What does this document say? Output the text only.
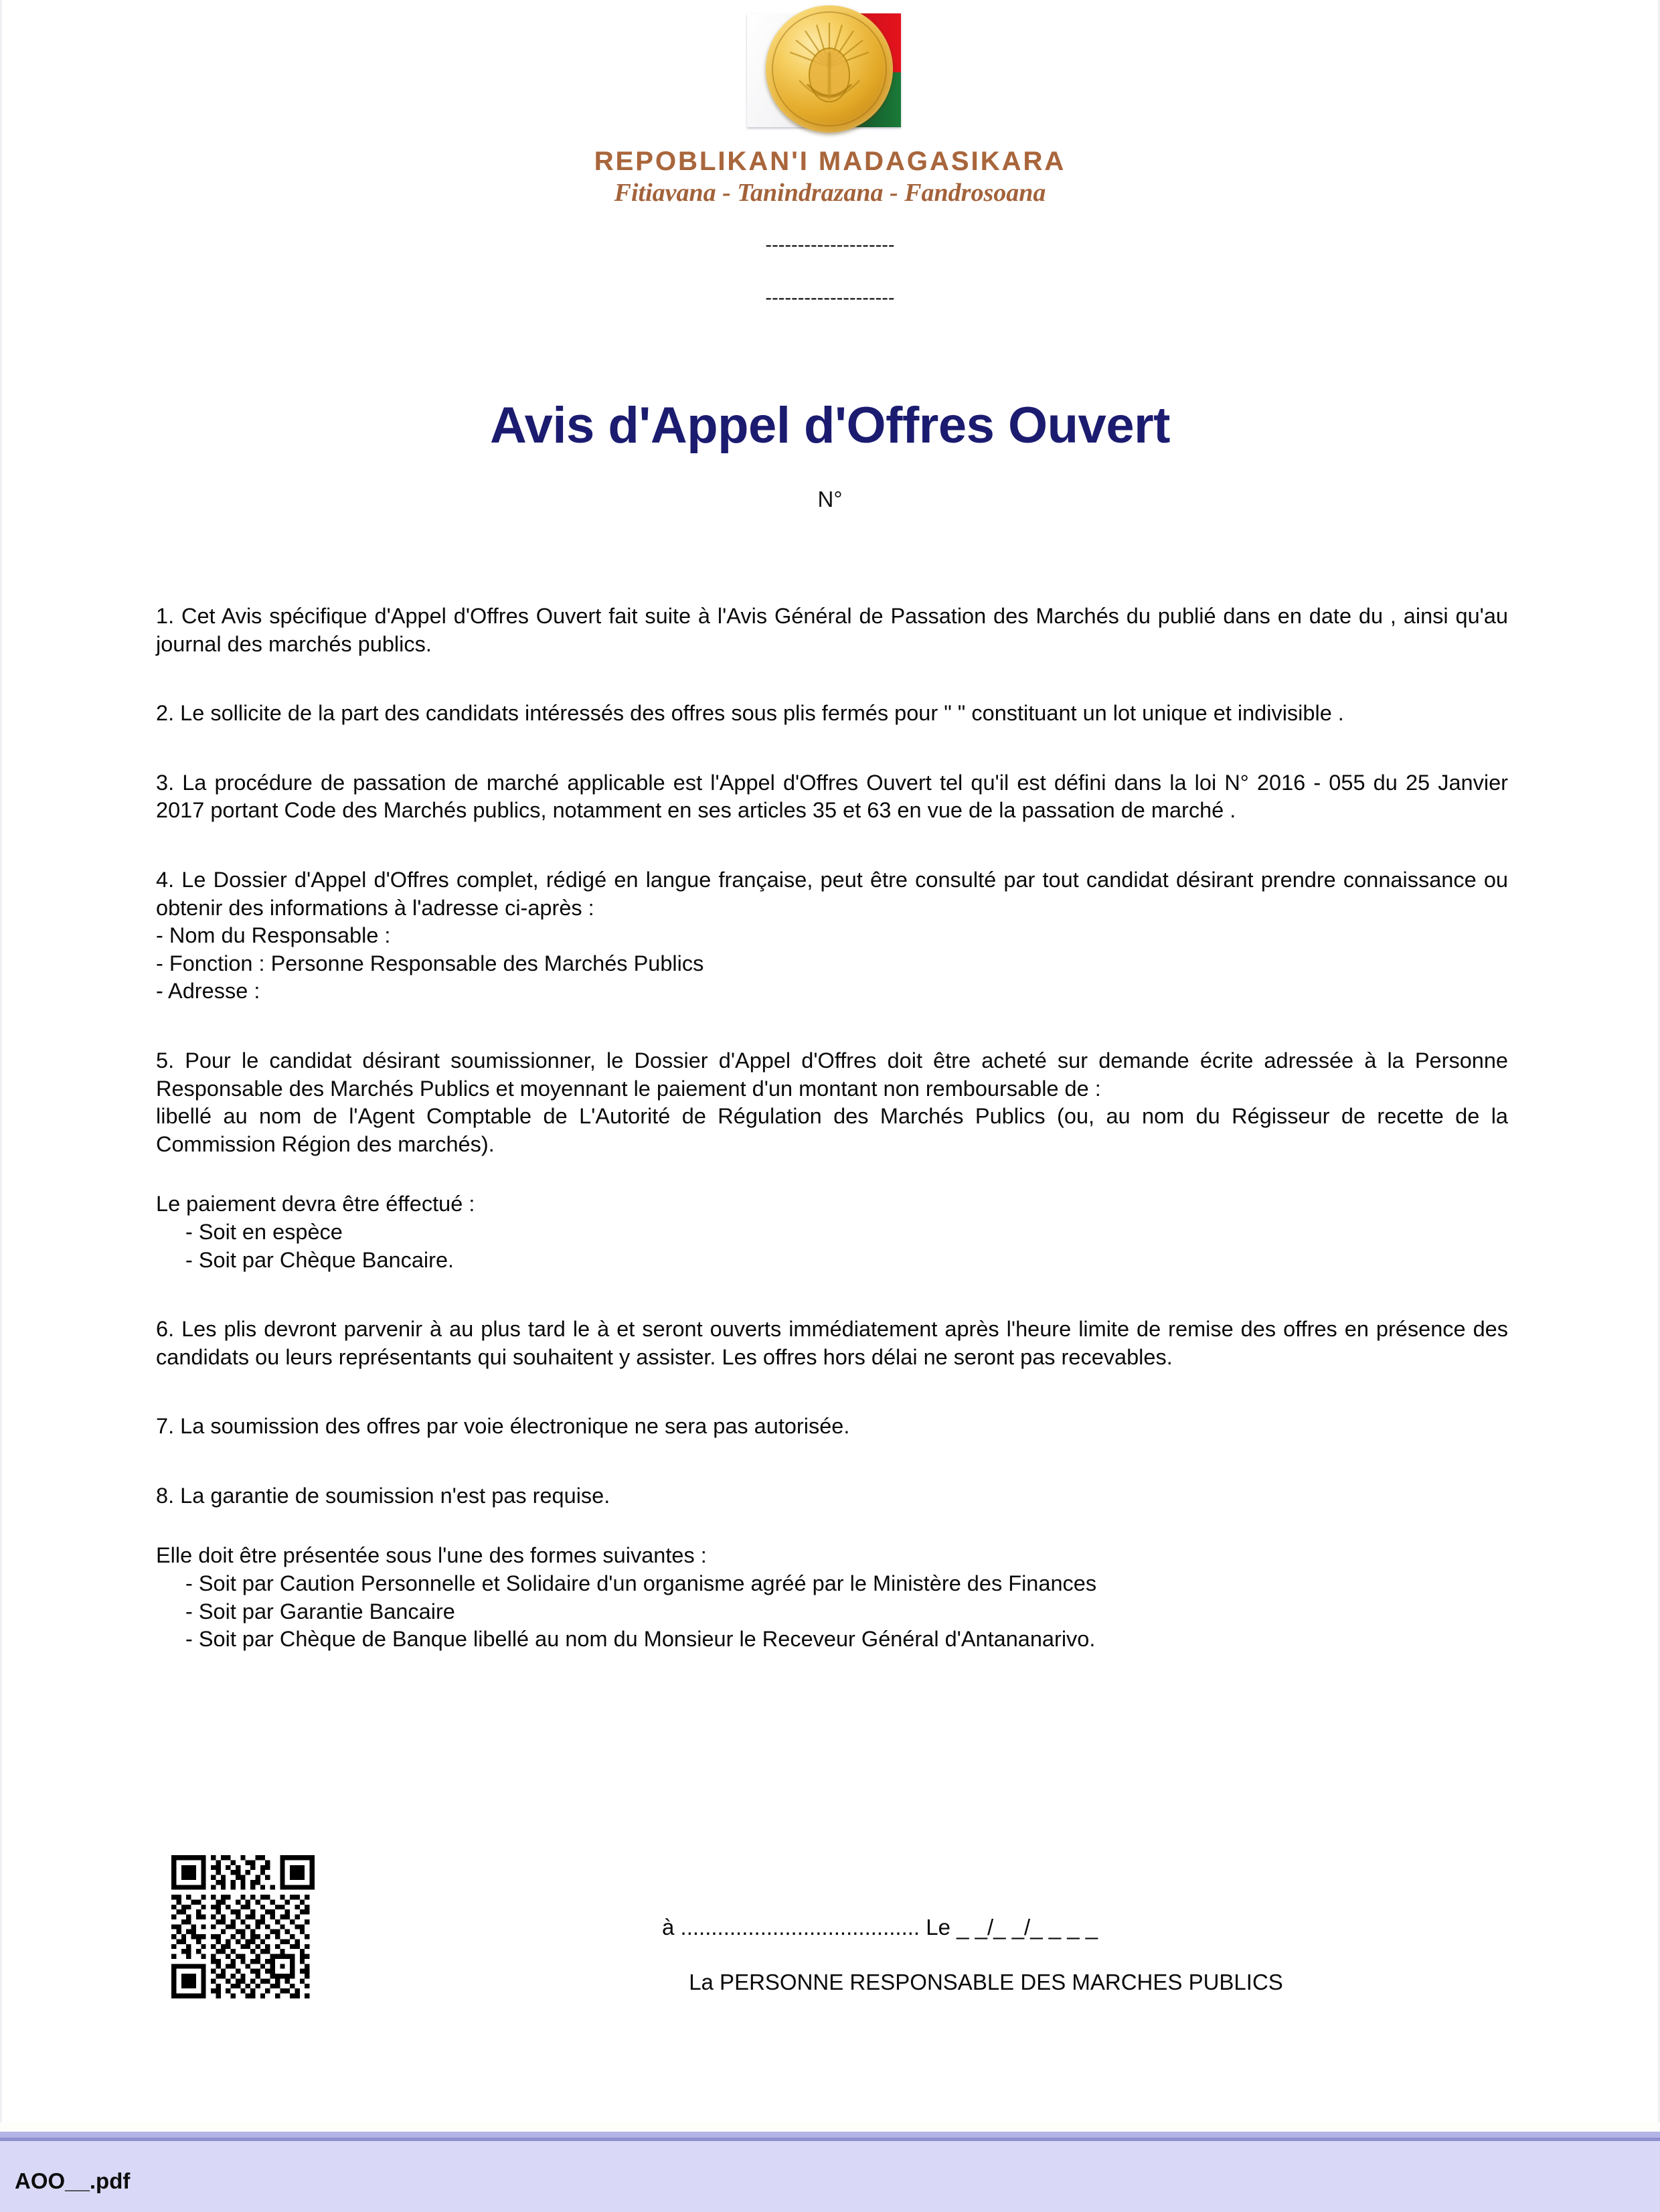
REPOBLIKAN'I MADAGASIKARA
Fitiavana - Tanindrazana - Fandrosoana
--------------------
--------------------
Avis d'Appel d'Offres Ouvert
N°
1. Cet Avis spécifique d'Appel d'Offres Ouvert fait suite à l'Avis Général de Passation des Marchés du publié dans en date du , ainsi qu'au journal des marchés publics.
2. Le sollicite de la part des candidats intéressés des offres sous plis fermés pour " " constituant un lot unique et indivisible .
3. La procédure de passation de marché applicable est l'Appel d'Offres Ouvert tel qu'il est défini dans la loi N° 2016 - 055 du 25 Janvier 2017 portant Code des Marchés publics, notamment en ses articles 35 et 63 en vue de la passation de marché .
4. Le Dossier d'Appel d'Offres complet, rédigé en langue française, peut être consulté par tout candidat désirant prendre connaissance ou obtenir des informations à l'adresse ci-après :
- Nom du Responsable :
- Fonction : Personne Responsable des Marchés Publics
- Adresse :
5. Pour le candidat désirant soumissionner, le Dossier d'Appel d'Offres doit être acheté sur demande écrite adressée à la Personne Responsable des Marchés Publics et moyennant le paiement d'un montant non remboursable de :
libellé au nom de l'Agent Comptable de L'Autorité de Régulation des Marchés Publics (ou, au nom du Régisseur de recette de la Commission Région des marchés).
Le paiement devra être éffectué :
- Soit en espèce
- Soit par Chèque Bancaire.
6. Les plis devront parvenir à au plus tard le à et seront ouverts immédiatement après l'heure limite de remise des offres en présence des candidats ou leurs représentants qui souhaitent y assister. Les offres hors délai ne seront pas recevables.
7. La soumission des offres par voie électronique ne sera pas autorisée.
8. La garantie de soumission n'est pas requise.
Elle doit être présentée sous l'une des formes suivantes :
- Soit par Caution Personnelle et Solidaire d'un organisme agréé par le Ministère des Finances
- Soit par Garantie Bancaire
- Soit par Chèque de Banque libellé au nom du Monsieur le Receveur Général d'Antananarivo.
à ....................................... Le _ _/_ _/_ _ _ _
La PERSONNE RESPONSABLE DES MARCHES PUBLICS
AOO__.pdf
